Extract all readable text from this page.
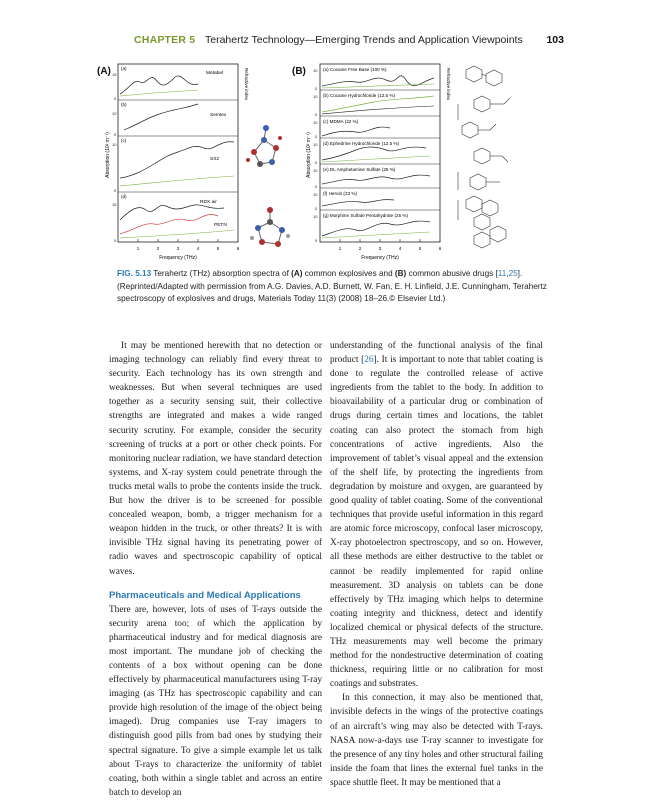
CHAPTER 5 Terahertz Technology—Emerging Trends and Application Viewpoints 103
(A)
1	2	3	4	5	6
Frequency (THz)
Absorption (10² m⁻¹)
Refractive index
15
0
10
0
10
0
15
0
(a)
Metabel
(b)
Semtex
(c)
SX2
(d)
RDX air
PETN
(B)
1	2	3	4	5	6
Frequency (THz)
Absorption (10² m⁻¹)
Refractive index
10
0
10
0
10
0
10
0
10
0
10
0
10
0
(a) Cocaine Free Base (100 %)
(b) Cocaine Hydrochloride (12.5 %)
(c) MDMA (22 %)
(d) Ephedrine Hydrochloride (12.5 %)
(e) DL Amphetamine Sulfate (25 %)
(f) Heroin (23 %)
(g) Morphine Sulfate Pentahydrate (25 %)
FIG. 5.13 Terahertz (THz) absorption spectra of (A) common explosives and (B) common abusive drugs [11,25]. (Reprinted/Adapted with permission from A.G. Davies, A.D. Burnett, W. Fan, E. H. Linfield, J.E. Cunningham, Terahertz spectroscopy of explosives and drugs, Materials Today 11(3) (2008) 18–26.© Elsevier Ltd.)

It may be mentioned herewith that no detection or imaging technology can reliably find every threat to security. Each technology has its own strength and weaknesses. But when several techniques are used together as a security sensing suit, their collective strengths are integrated and makes a wide ranged security scrutiny. For example, consider the security screening of trucks at a port or other check points. For monitoring nuclear radiation, we have standard detection systems, and X-ray system could penetrate through the trucks metal walls to probe the contents inside the truck. But how the driver is to be screened for possible concealed weapon, bomb, a trigger mechanism for a weapon hidden in the truck, or other threats? It is with invisible THz signal having its penetrating power of radio waves and spectroscopic capability of optical waves.

Pharmaceuticals and Medical Applications

There are, however, lots of uses of T-rays outside the security arena too; of which the application by pharmaceutical industry and for medical diagnosis are most important. The mundane job of checking the contents of a box without opening can be done effectively by pharmaceutical manufacturers using T-ray imaging (as THz has spectroscopic capability and can provide high resolution of the image of the object being imaged). Drug companies use T-ray imagers to distinguish good pills from bad ones by studying their spectral signature. To give a simple example let us talk about T-rays to characterize the uniformity of tablet coating, both within a single tablet and across an entire batch to develop an

understanding of the functional analysis of the final product [26]. It is important to note that tablet coating is done to regulate the controlled release of active ingredients from the tablet to the body. In addition to bioavailability of a particular drug or combination of drugs during certain times and locations, the tablet coating can also protect the stomach from high concentrations of active ingredients. Also the improvement of tablet’s visual appeal and the extension of the shelf life, by protecting the ingredients from degradation by moisture and oxygen, are guaranteed by good quality of tablet coating. Some of the conventional techniques that provide useful information in this regard are atomic force microscopy, confocal laser microscopy, X-ray photoelectron spectroscopy, and so on. However, all these methods are either destructive to the tablet or cannot be readily implemented for rapid online measurement. 3D analysis on tablets can be done effectively by THz imaging which helps to determine coating integrity and thickness, detect and identify localized chemical or physical defects of the structure. THz measurements may well become the primary method for the nondestructive determination of coating thickness, requiring little or no calibration for most coatings and substrates.

In this connection, it may also be mentioned that, invisible defects in the wings of the protective coatings of an aircraft’s wing may also be detected with T-rays. NASA now-a-days use T-ray scanner to investigate for the presence of any tiny holes and other structural failing inside the foam that lines the external fuel tanks in the space shuttle fleet. It may be mentioned that a
